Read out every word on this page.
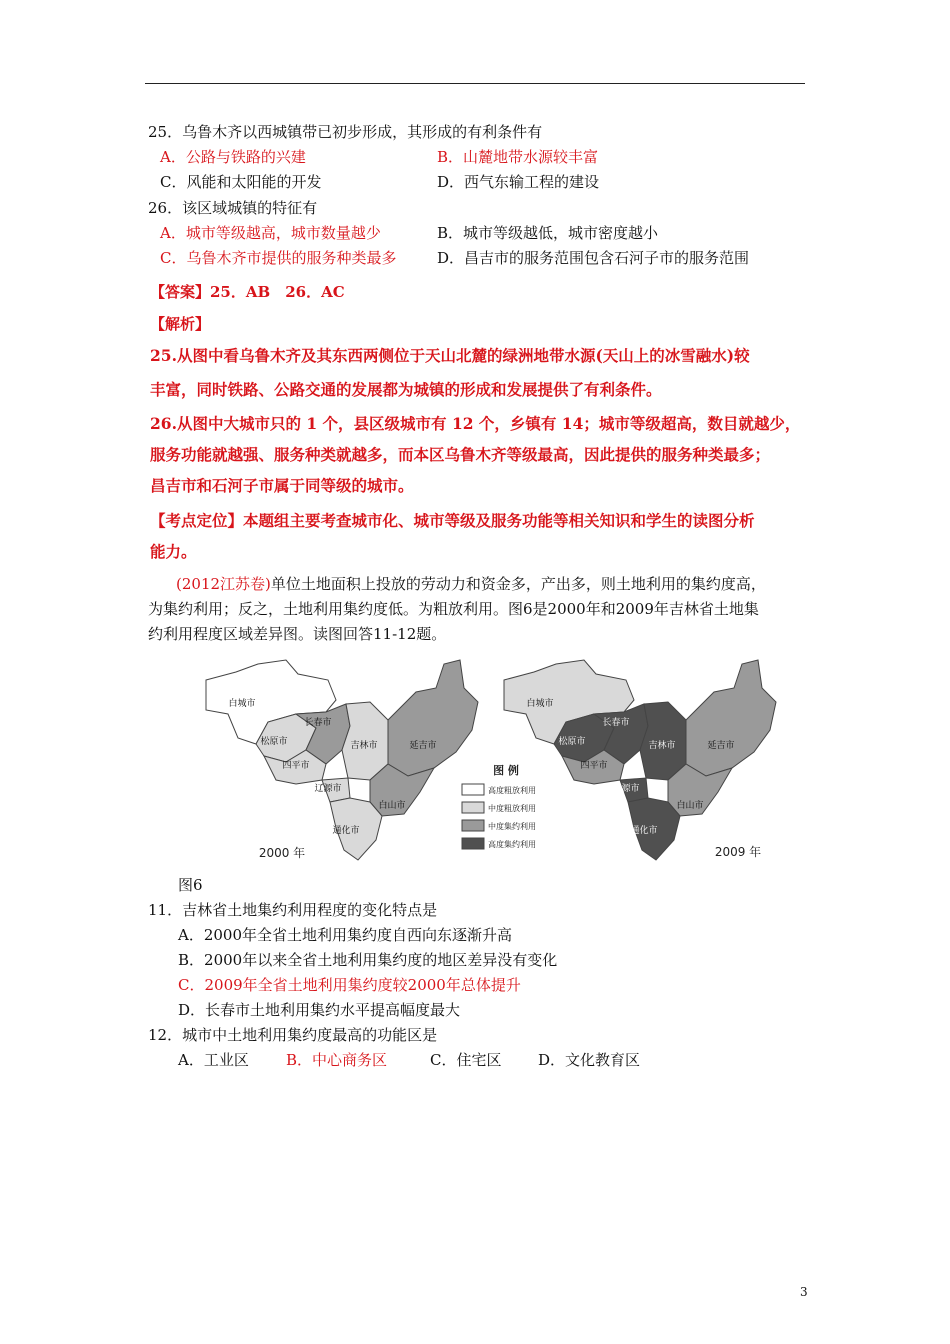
25．乌鲁木齐以西城镇带已初步形成，其形成的有利条件有
A．公路与铁路的兴建	B．山麓地带水源较丰富
C．风能和太阳能的开发	D．西气东输工程的建设
26．该区域城镇的特征有
A．城市等级越高，城市数量越少	B．城市等级越低，城市密度越小
C．乌鲁木齐市提供的服务种类最多	D．昌吉市的服务范围包含石河子市的服务范围
【答案】25．AB　26．AC
【解析】
25.从图中看乌鲁木齐及其东西两侧位于天山北麓的绿洲地带水源(天山上的冰雪融水)较
丰富，同时铁路、公路交通的发展都为城镇的形成和发展提供了有利条件。
26.从图中大城市只的 1 个，县区级城市有 12 个，乡镇有 14；城市等级超高，数目就越少，
服务功能就越强、服务种类就越多，而本区乌鲁木齐等级最高，因此提供的服务种类最多；
昌吉市和石河子市属于同等级的城市。
【考点定位】本题组主要考查城市化、城市等级及服务功能等相关知识和学生的读图分析
能力。
(2012江苏卷)单位土地面积上投放的劳动力和资金多，产出多，则土地利用的集约度高，
为集约利用；反之，土地利用集约度低。为粗放利用。图6是2000年和2009年吉林省土地集
约利用程度区域差异图。读图回答11-12题。
白城市
松原市
长春市
吉林市
四平市
辽源市
延吉市
白山市
通化市
白城市
松原市
长春市
吉林市
四平市
辽源市
延吉市
白山市
通化市
图 例
高度粗放利用
中度粗放利用
中度集约利用
高度集约利用
2000 年	2009 年
图6
11．吉林省土地集约利用程度的变化特点是
A．2000年全省土地利用集约度自西向东逐渐升高
B．2000年以来全省土地利用集约度的地区差异没有变化
C．2009年全省土地利用集约度较2000年总体提升
D．长春市土地利用集约水平提高幅度最大
12．城市中土地利用集约度最高的功能区是
A．工业区 B．中心商务区	C．住宅区 D．文化教育区
3
